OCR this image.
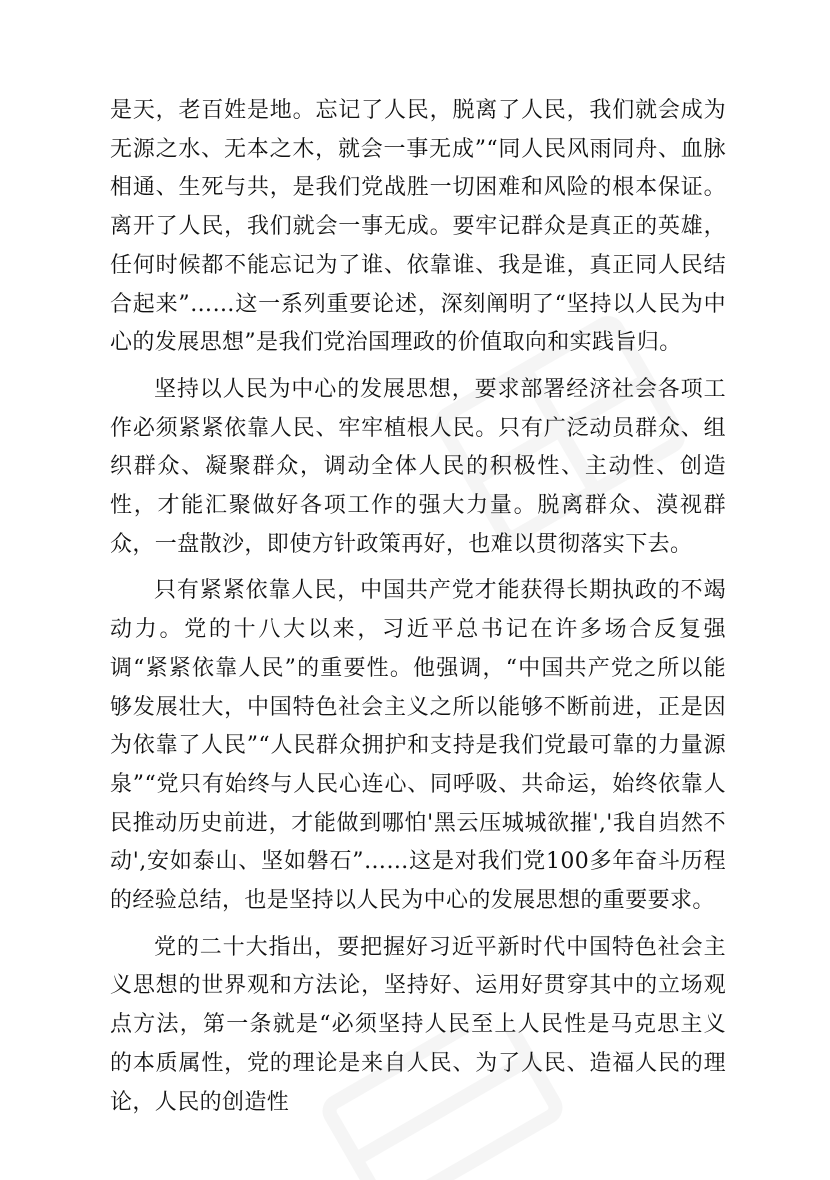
是天，老百姓是地。忘记了人民，脱离了人民，我们就会成为无源之水、无本之木，就会一事无成”“同人民风雨同舟、血脉相通、生死与共，是我们党战胜一切困难和风险的根本保证。离开了人民，我们就会一事无成。要牢记群众是真正的英雄，任何时候都不能忘记为了谁、依靠谁、我是谁，真正同人民结合起来”……这一系列重要论述，深刻阐明了“坚持以人民为中心的发展思想”是我们党治国理政的价值取向和实践旨归。

坚持以人民为中心的发展思想，要求部署经济社会各项工作必须紧紧依靠人民、牢牢植根人民。只有广泛动员群众、组织群众、凝聚群众，调动全体人民的积极性、主动性、创造性，才能汇聚做好各项工作的强大力量。脱离群众、漠视群众，一盘散沙，即使方针政策再好，也难以贯彻落实下去。

只有紧紧依靠人民，中国共产党才能获得长期执政的不竭动力。党的十八大以来，习近平总书记在许多场合反复强调“紧紧依靠人民”的重要性。他强调，“中国共产党之所以能够发展壮大，中国特色社会主义之所以能够不断前进，正是因为依靠了人民”“人民群众拥护和支持是我们党最可靠的力量源泉”“党只有始终与人民心连心、同呼吸、共命运，始终依靠人民推动历史前进，才能做到哪怕'黑云压城城欲摧','我自岿然不动',安如泰山、坚如磐石”……这是对我们党100多年奋斗历程的经验总结，也是坚持以人民为中心的发展思想的重要要求。

党的二十大指出，要把握好习近平新时代中国特色社会主义思想的世界观和方法论，坚持好、运用好贯穿其中的立场观点方法，第一条就是“必须坚持人民至上人民性是马克思主义的本质属性，党的理论是来自人民、为了人民、造福人民的理论，人民的创造性
